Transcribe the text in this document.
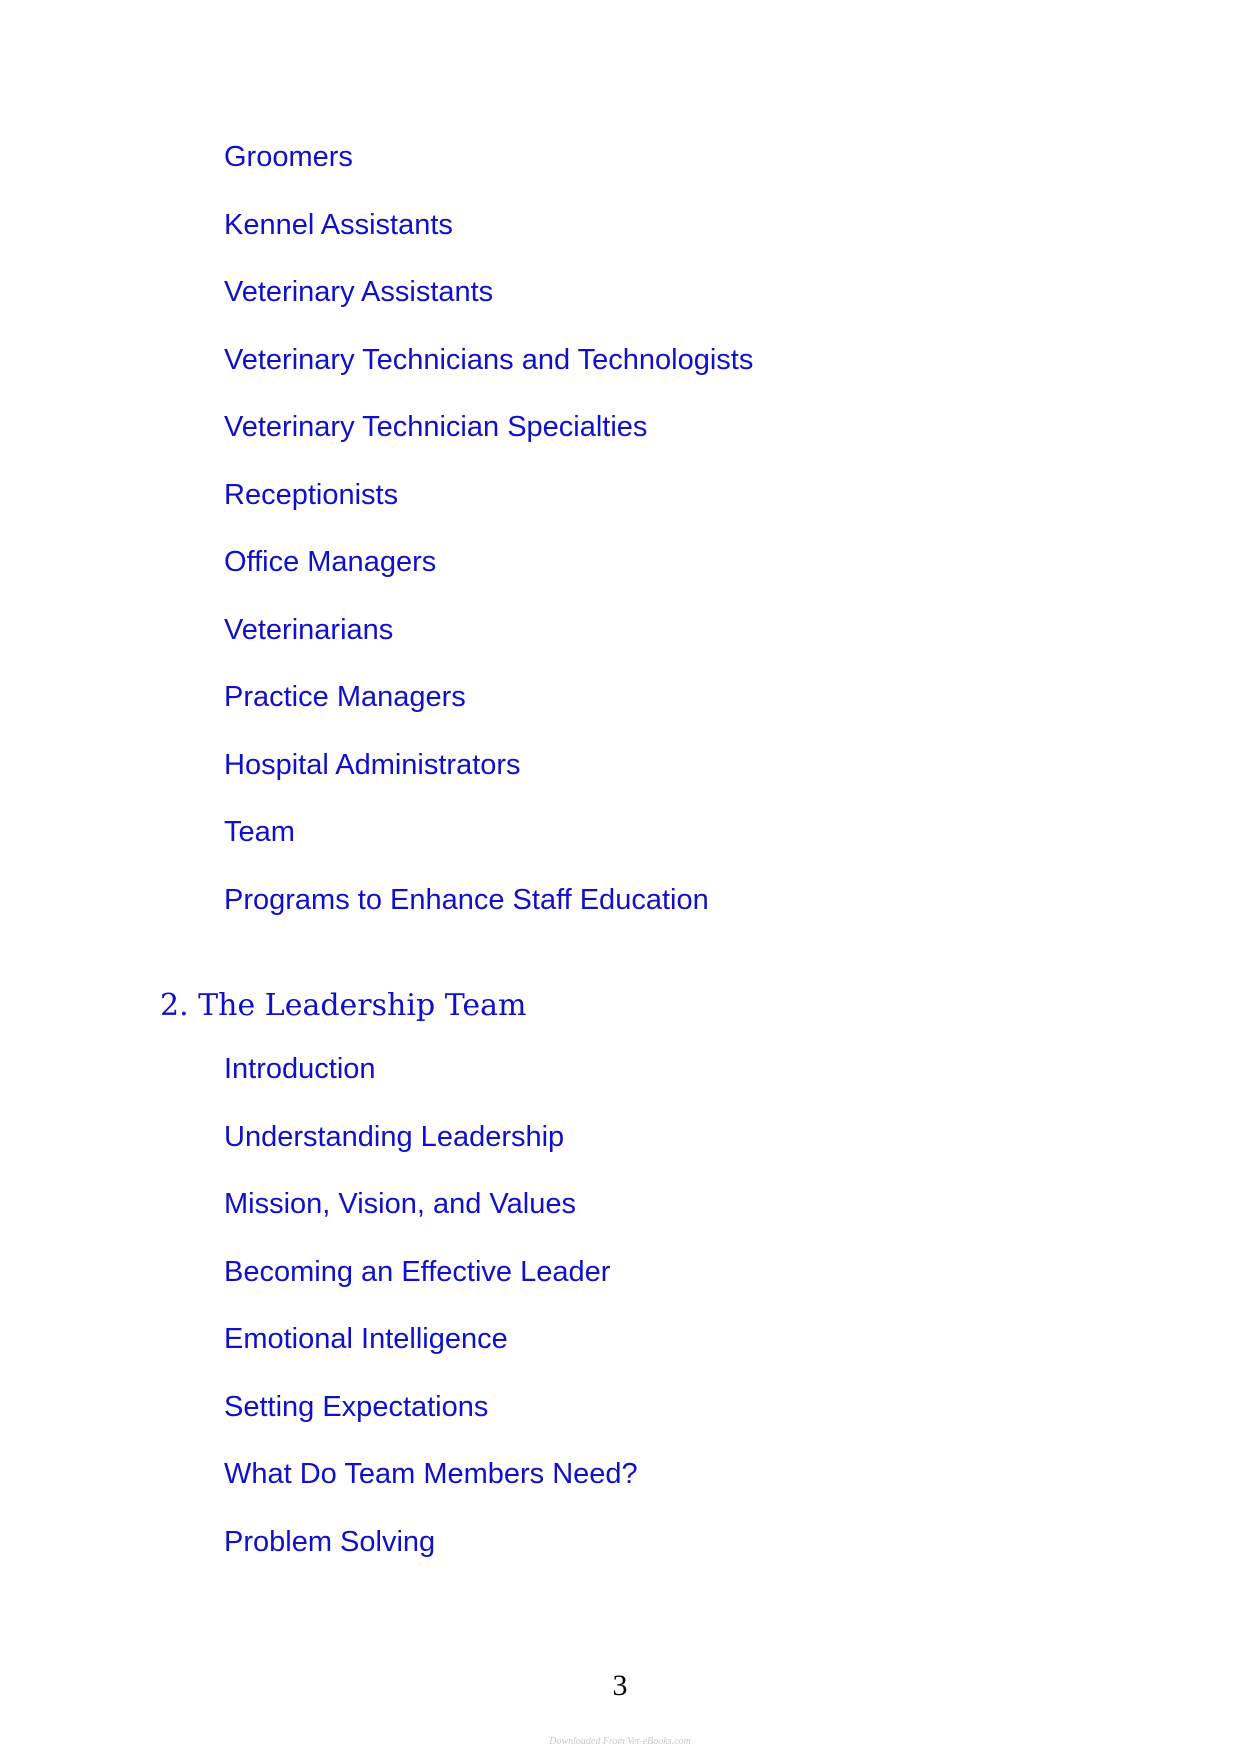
Groomers
Kennel Assistants
Veterinary Assistants
Veterinary Technicians and Technologists
Veterinary Technician Specialties
Receptionists
Office Managers
Veterinarians
Practice Managers
Hospital Administrators
Team
Programs to Enhance Staff Education
2. The Leadership Team
Introduction
Understanding Leadership
Mission, Vision, and Values
Becoming an Effective Leader
Emotional Intelligence
Setting Expectations
What Do Team Members Need?
Problem Solving
3
Downloaded From Vet-eBooks.com
